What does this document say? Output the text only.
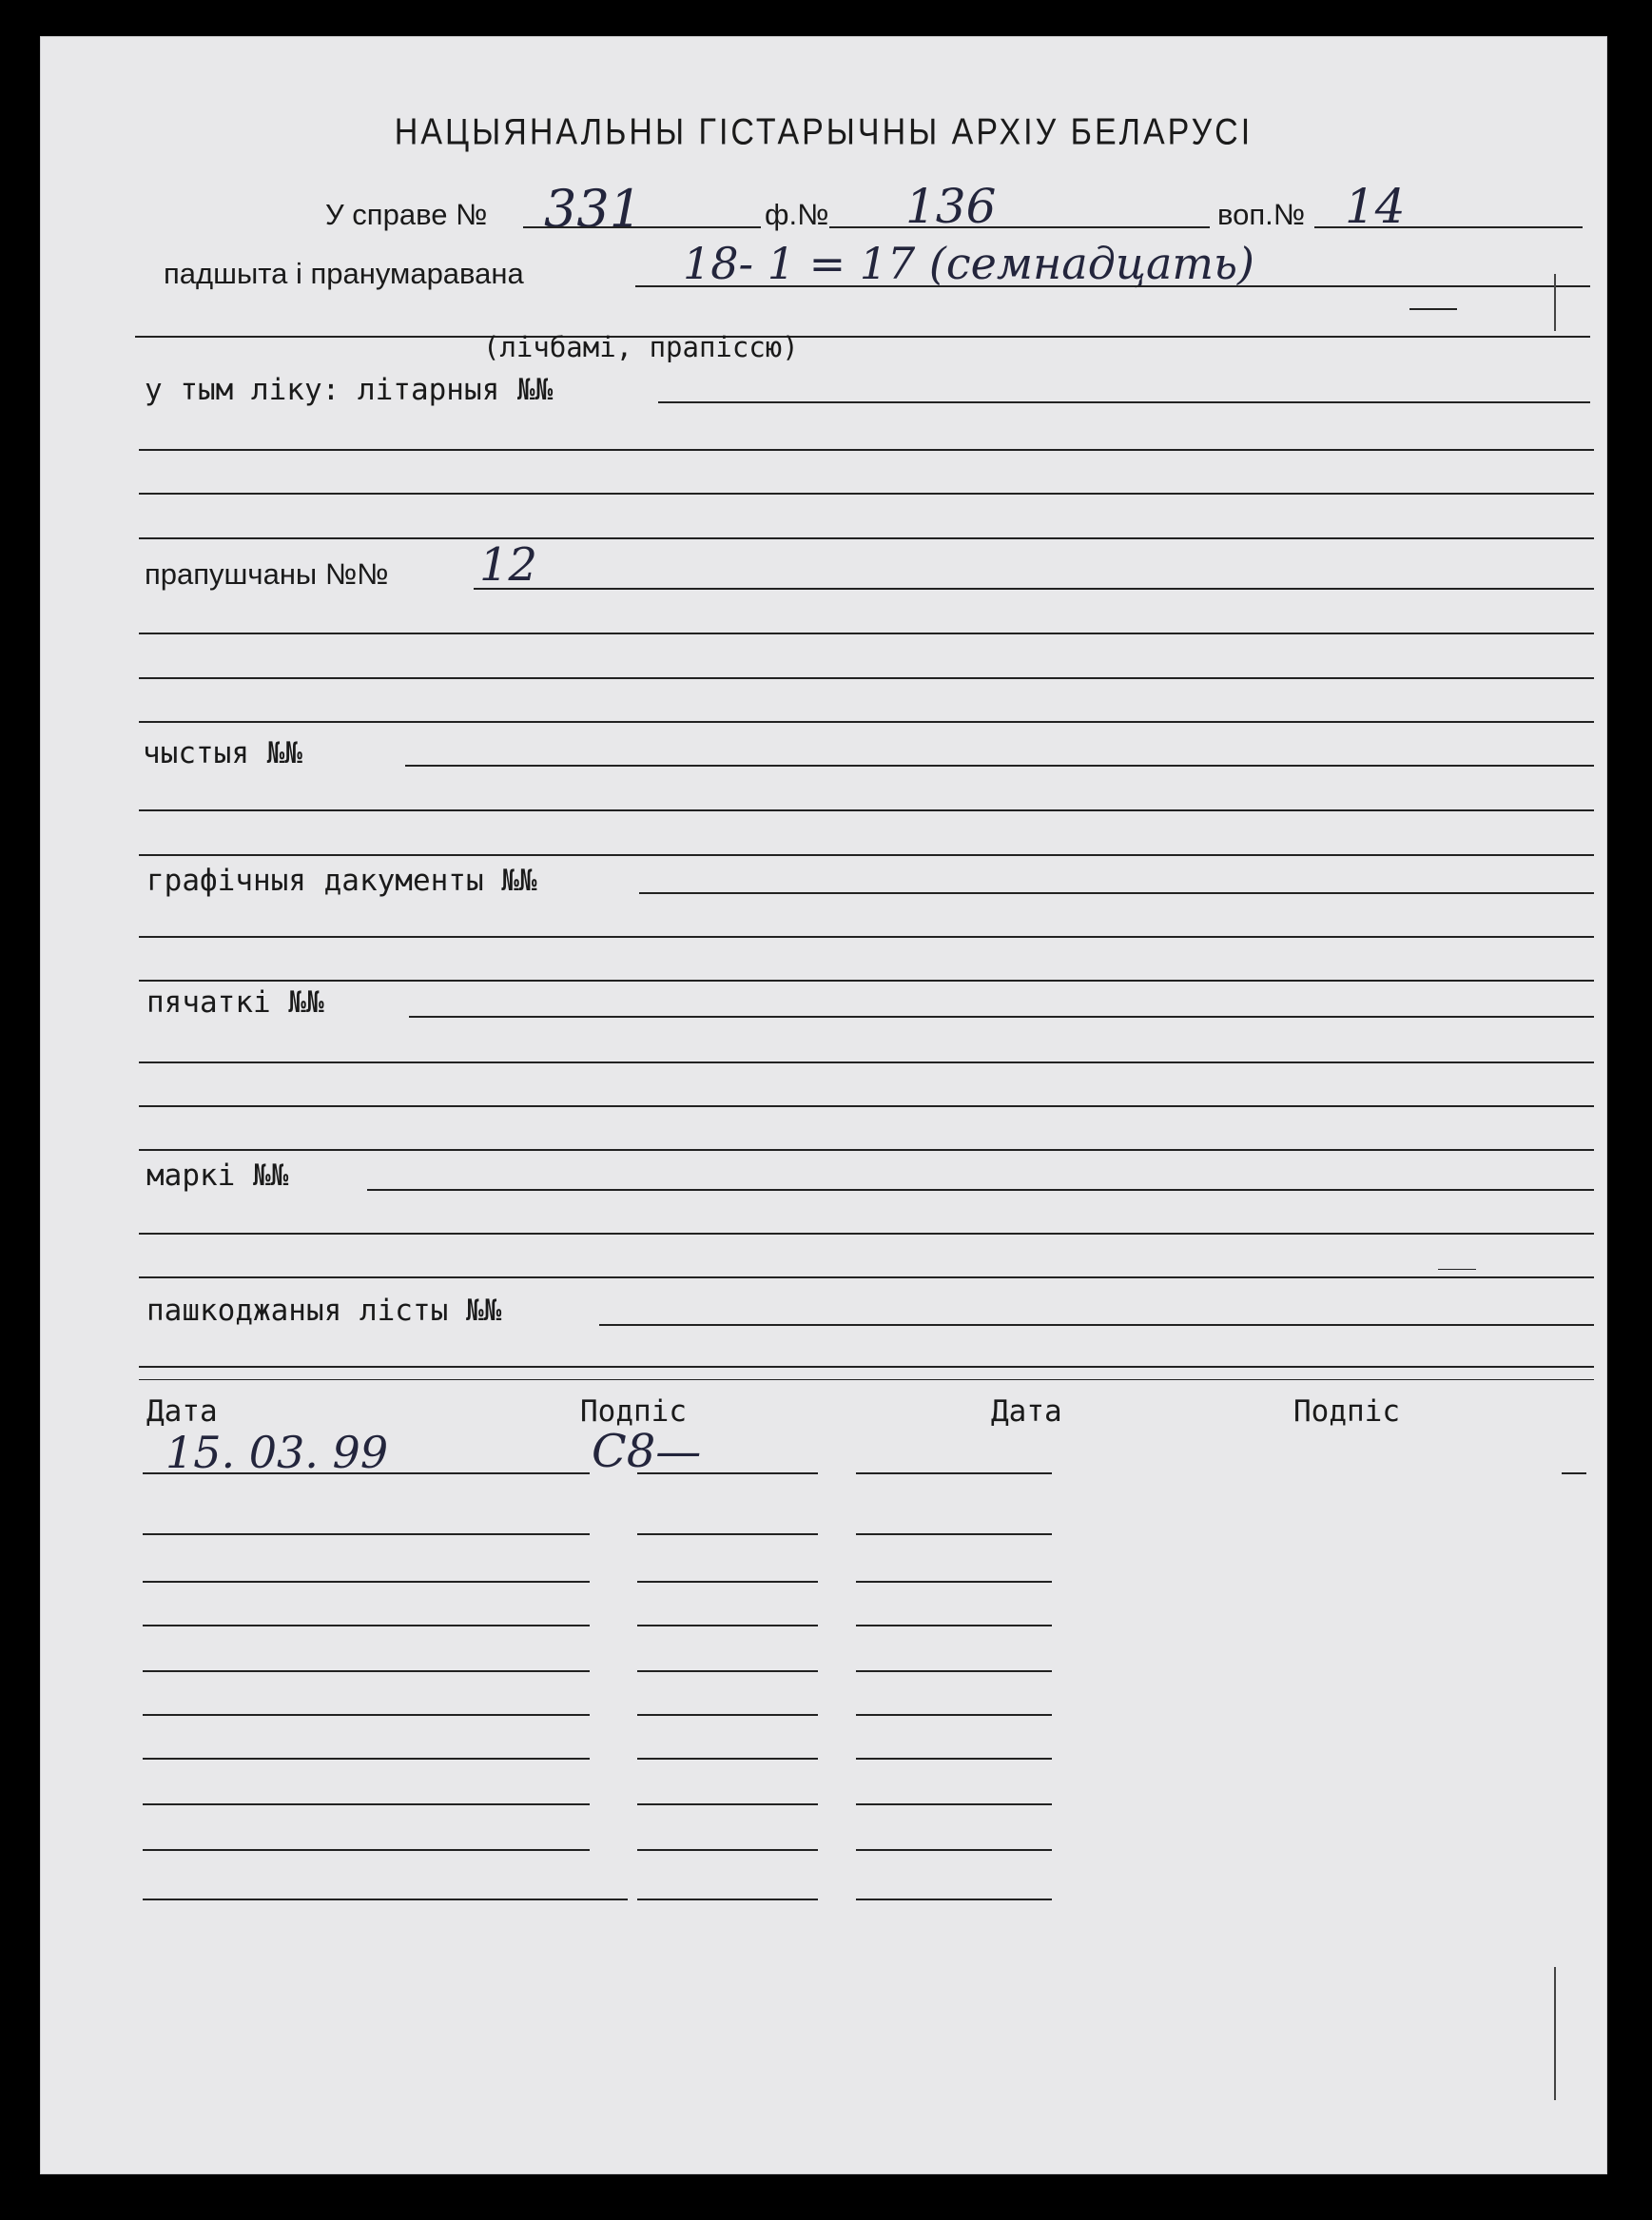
НАЦЫЯНАЛЬНЫ ГІСТАРЫЧНЫ АРХІУ БЕЛАРУСІ
У справе № 331	ф.№ 136	воп.№ 14
падшыта і пранумаравана	18- 1 = 17 (семнадцать)
(лічбамі, прапіссю)
у тым ліку: літарныя №№
прапушчаны №№ 12
чыстыя №№
графічныя дакументы №№
пячаткі №№
маркі №№
пашкоджаныя лісты №№
Дата	Подпіс	Дата	Подпіс
15. 03. 99	C8—
